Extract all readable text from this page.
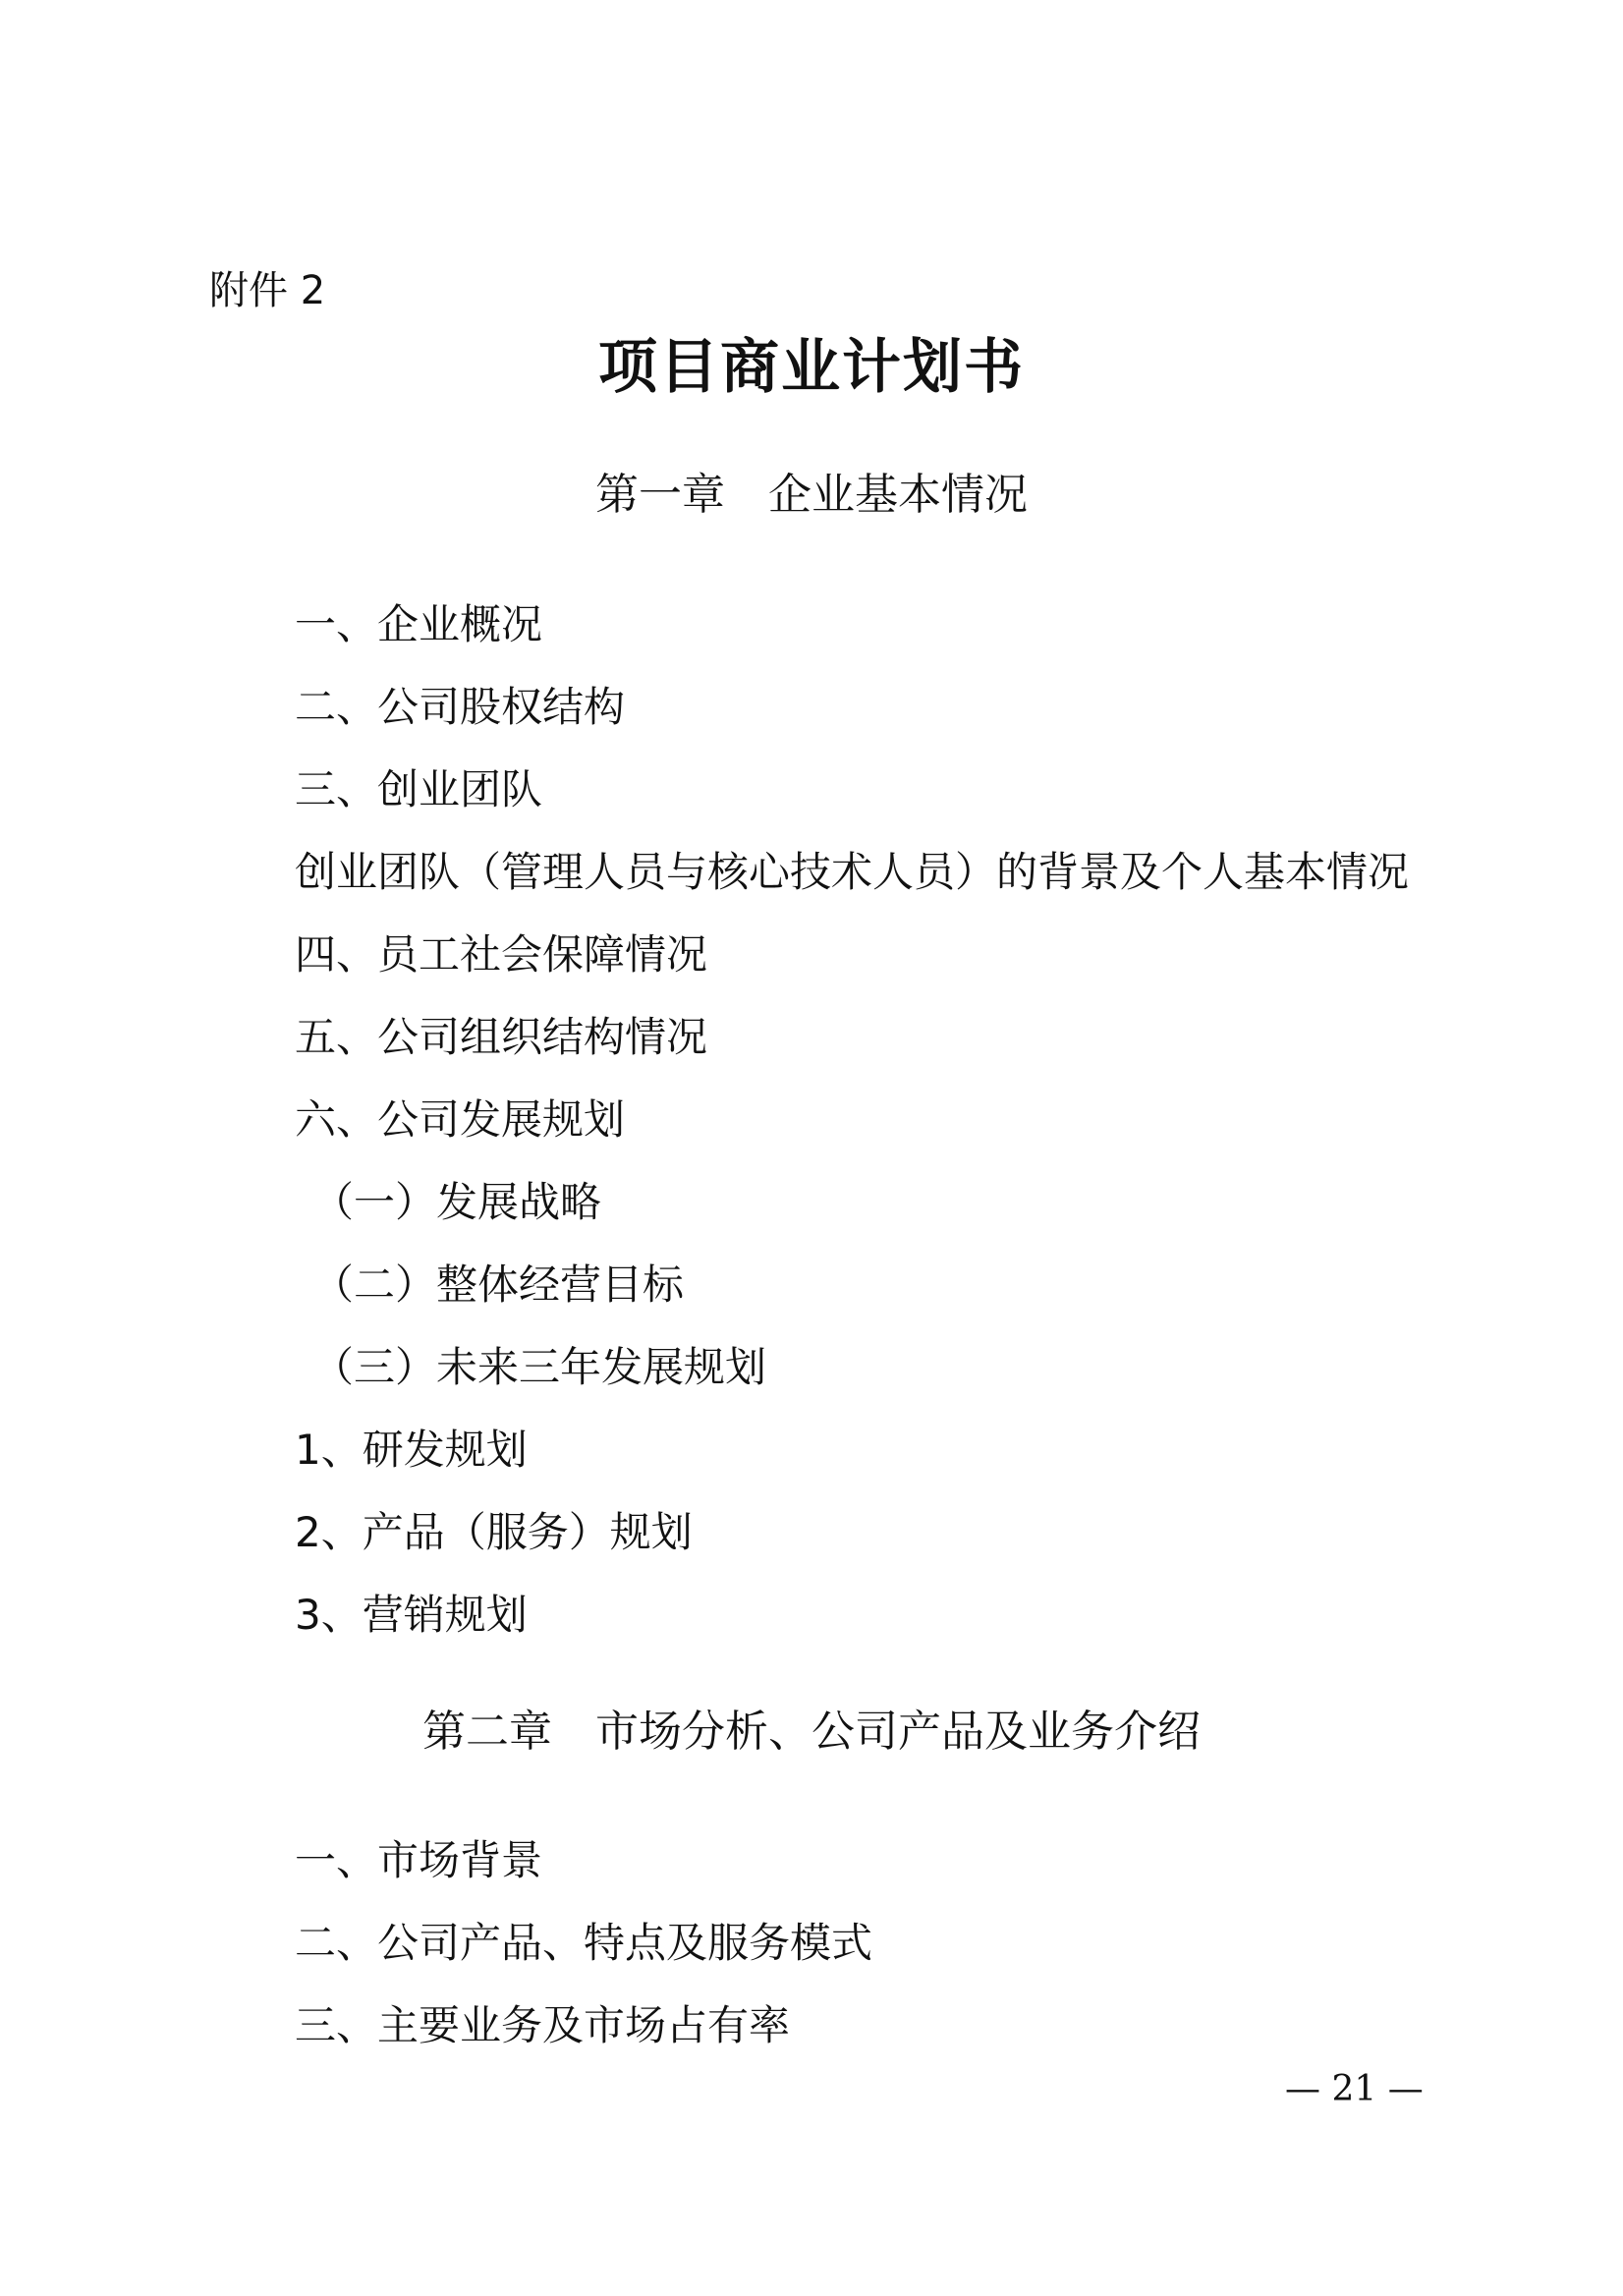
附件 2
项目商业计划书
第一章　企业基本情况
一、企业概况
二、公司股权结构
三、创业团队
创业团队（管理人员与核心技术人员）的背景及个人基本情况
四、员工社会保障情况
五、公司组织结构情况
六、公司发展规划
（一）发展战略
（二）整体经营目标
（三）未来三年发展规划
1、研发规划
2、产品（服务）规划
3、营销规划
第二章　市场分析、公司产品及业务介绍
一、市场背景
二、公司产品、特点及服务模式
三、主要业务及市场占有率
— 21 —
